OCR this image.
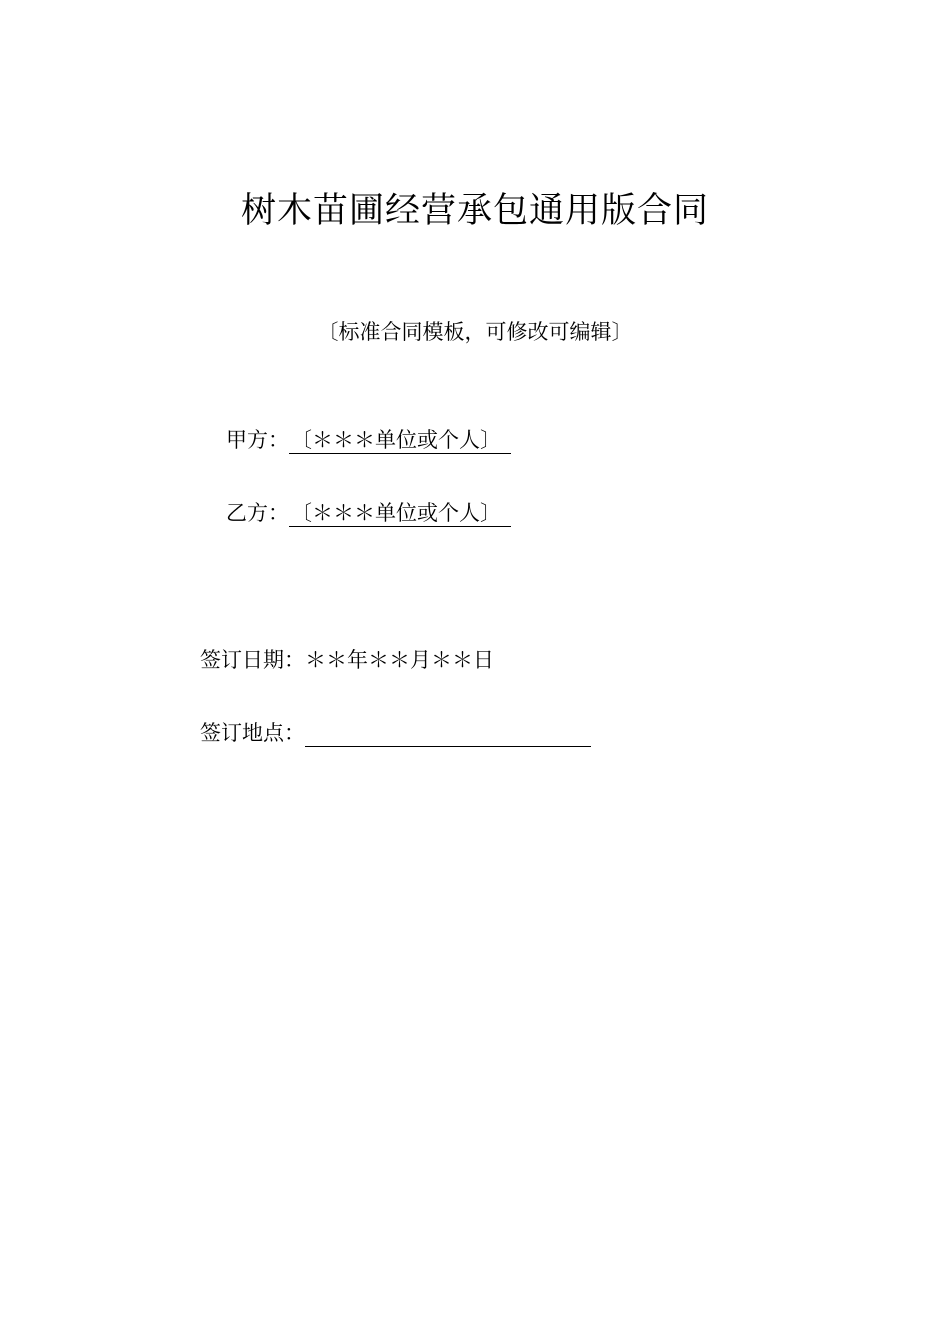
树木苗圃经营承包通用版合同
〔标准合同模板，可修改可编辑〕
甲方：〔＊＊＊单位或个人〕
乙方：〔＊＊＊单位或个人〕
签订日期：＊＊年＊＊月＊＊日
签订地点：
